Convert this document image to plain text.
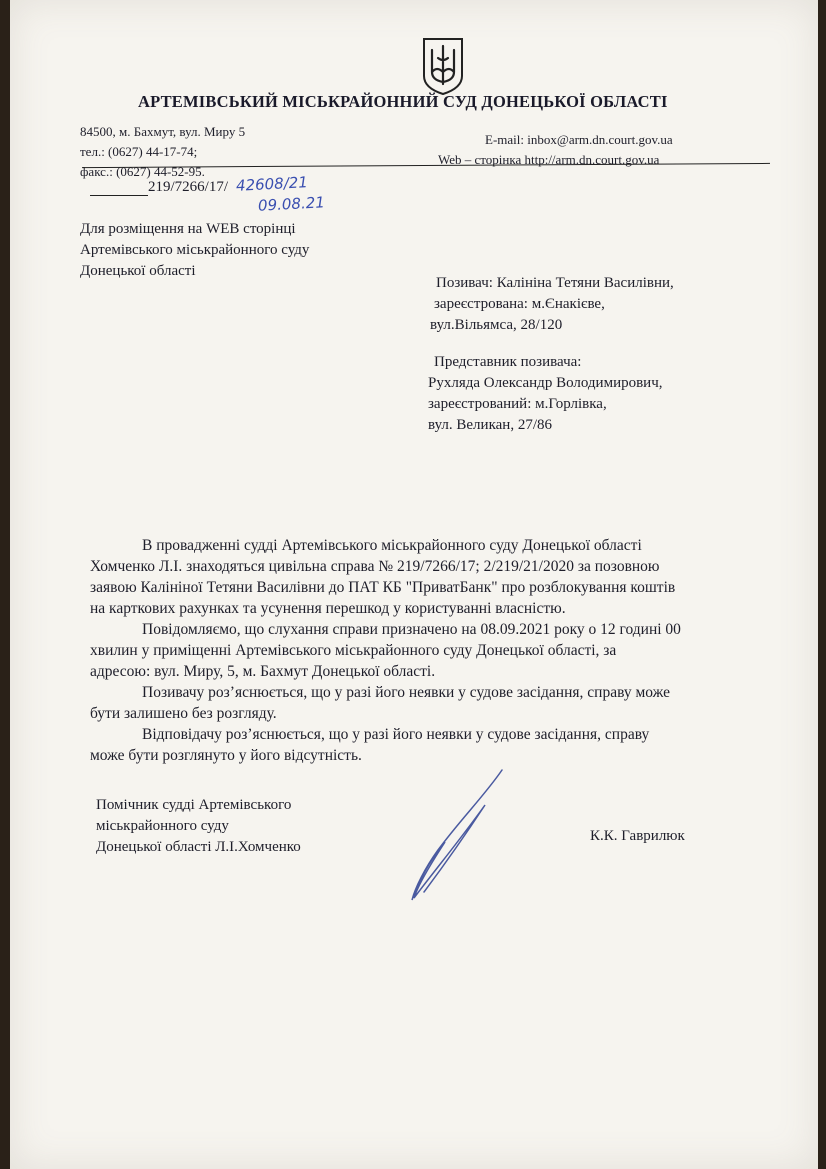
АРТЕМІВСЬКИЙ МІСЬКРАЙОННИЙ СУД ДОНЕЦЬКОЇ ОБЛАСТІ
84500, м. Бахмут, вул. Миру 5
тел.: (0627) 44-17-74;
факс.: (0627) 44-52-95.
E-mail: inbox@arm.dn.court.gov.ua
Web – сторінка http://arm.dn.court.gov.ua
219/7266/17/ 42608/21
09.08.21
Для розміщення на WEB сторінці
Артемівського міськрайонного суду
Донецької області
Позивач: Калініна Тетяни Василівни,
зареєстрована: м.Єнакієве,
вул.Вільямса, 28/120
Представник позивача:
Рухляда Олександр Володимирович,
зареєстрований: м.Горлівка,
вул. Великан, 27/86
В провадженні судді Артемівського міськрайонного суду Донецької області
Хомченко Л.І. знаходяться цивільна справа № 219/7266/17; 2/219/21/2020 за позовною
заявою Калініної Тетяни Василівни до ПАТ КБ "ПриватБанк" про розблокування коштів
на карткових рахунках та усунення перешкод у користуванні власністю.
Повідомляємо, що слухання справи призначено на 08.09.2021 року о 12 годині 00
хвилин у приміщенні Артемівського міськрайонного суду Донецької області, за
адресою: вул. Миру, 5, м. Бахмут Донецької області.
Позивачу роз’яснюється, що у разі його неявки у судове засідання, справу може
бути залишено без розгляду.
Відповідачу роз’яснюється, що у разі його неявки у судове засідання, справу
може бути розглянуто у його відсутність.
Помічник судді Артемівського
міськрайонного суду
Донецької області Л.І.Хомченко
К.К. Гаврилюк
